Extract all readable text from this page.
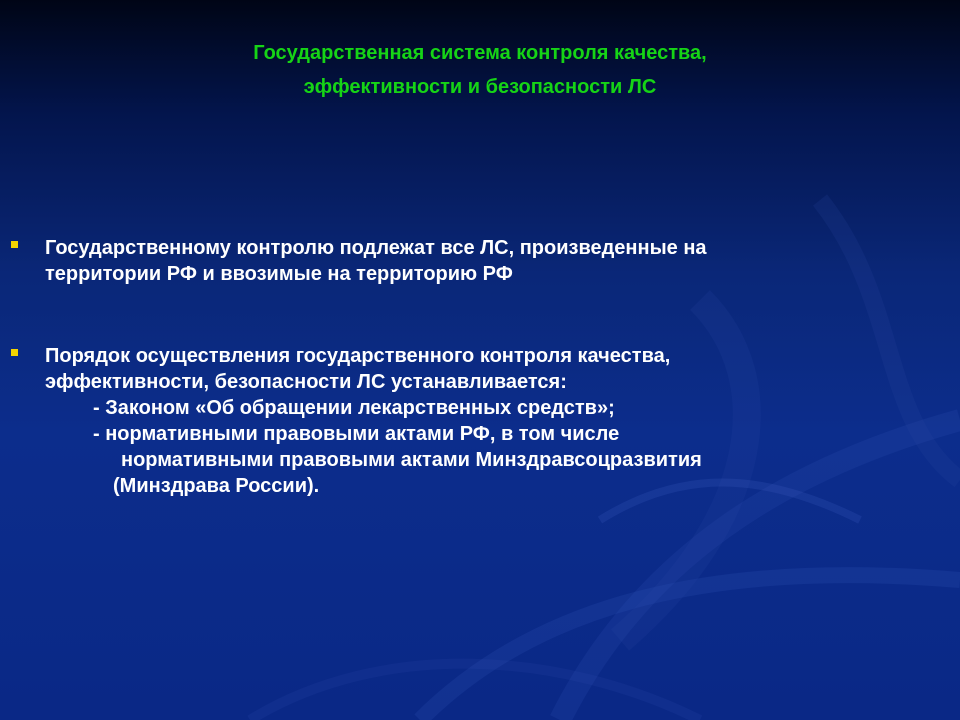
Государственная система контроля качества,
эффективности и безопасности ЛС
Государственному контролю подлежат все ЛС, произведенные на
территории РФ и ввозимые на территорию РФ
Порядок осуществления государственного контроля качества,
эффективности, безопасности ЛС устанавливается:
- Законом «Об обращении лекарственных средств»;
- нормативными правовыми актами РФ, в том числе
нормативными правовыми актами Минздравсоцразвития
(Минздрава России).
